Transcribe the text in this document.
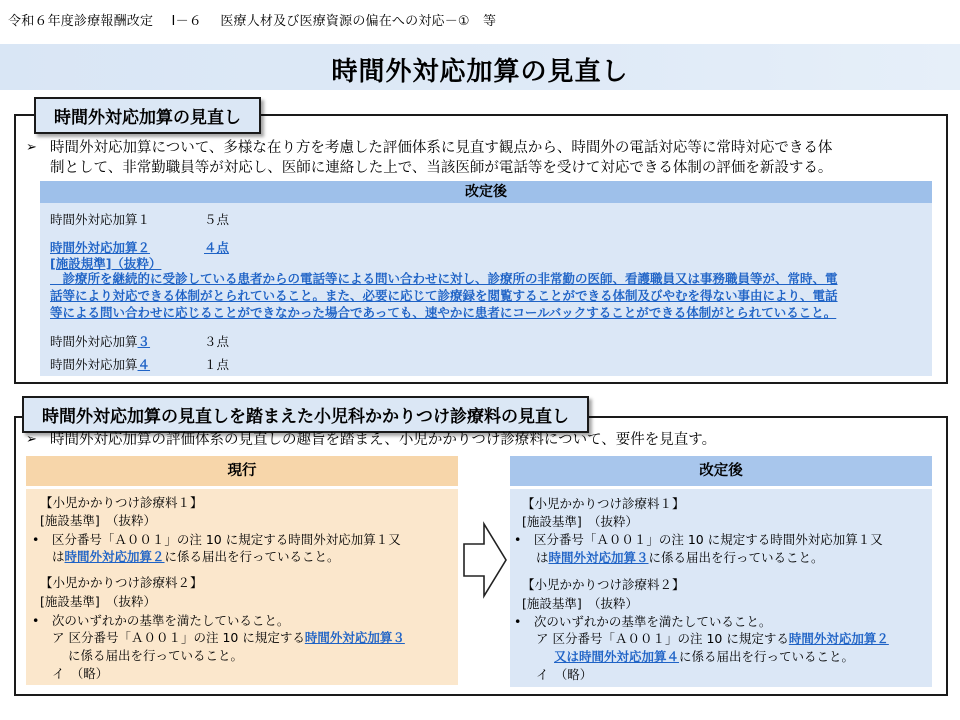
令和６年度診療報酬改定 Ⅰ－６ 医療人材及び医療資源の偏在への対応－①　等
時間外対応加算の見直し
時間外対応加算の見直し
➢ 時間外対応加算について、多様な在り方を考慮した評価体系に見直す観点から、時間外の電話対応等に常時対応できる体
制として、非常勤職員等が対応し、医師に連絡した上で、当該医師が電話等を受けて対応できる体制の評価を新設する。
改定後
時間外対応加算１	５点
時間外対応加算２	４点
[施設規準]（抜粋）
　診療所を継続的に受診している患者からの電話等による問い合わせに対し、診療所の非常勤の医師、看護職員又は事務職員等が、常時、電
話等により対応できる体制がとられていること。また、必要に応じて診療録を閲覧することができる体制及びやむを得ない事由により、電話
等による問い合わせに応じることができなかった場合であっても、速やかに患者にコールバックすることができる体制がとられていること。
時間外対応加算３	３点
時間外対応加算４	１点
時間外対応加算の見直しを踏まえた小児科かかりつけ診療料の見直し
➢ 時間外対応加算の評価体系の見直しの趣旨を踏まえ、小児かかりつけ診療料について、要件を見直す。
現行
【小児かかりつけ診療料１】
[施設基準]　（抜粋）
•　区分番号「Ａ００１」の注 10 に規定する時間外対応加算１又
は時間外対応加算２に係る届出を行っていること。
【小児かかりつけ診療料２】
[施設基準]　（抜粋）
•　次のいずれかの基準を満たしていること。
ア 区分番号「Ａ００１」の注 10 に規定する時間外対応加算３
に係る届出を行っていること。
イ　（略）
改定後
【小児かかりつけ診療料１】
[施設基準]　（抜粋）
•　区分番号「Ａ００１」の注 10 に規定する時間外対応加算１又
は時間外対応加算３に係る届出を行っていること。
【小児かかりつけ診療料２】
[施設基準]　（抜粋）
•　次のいずれかの基準を満たしていること。
ア 区分番号「Ａ００１」の注 10 に規定する時間外対応加算２
又は時間外対応加算４に係る届出を行っていること。
イ　（略）
